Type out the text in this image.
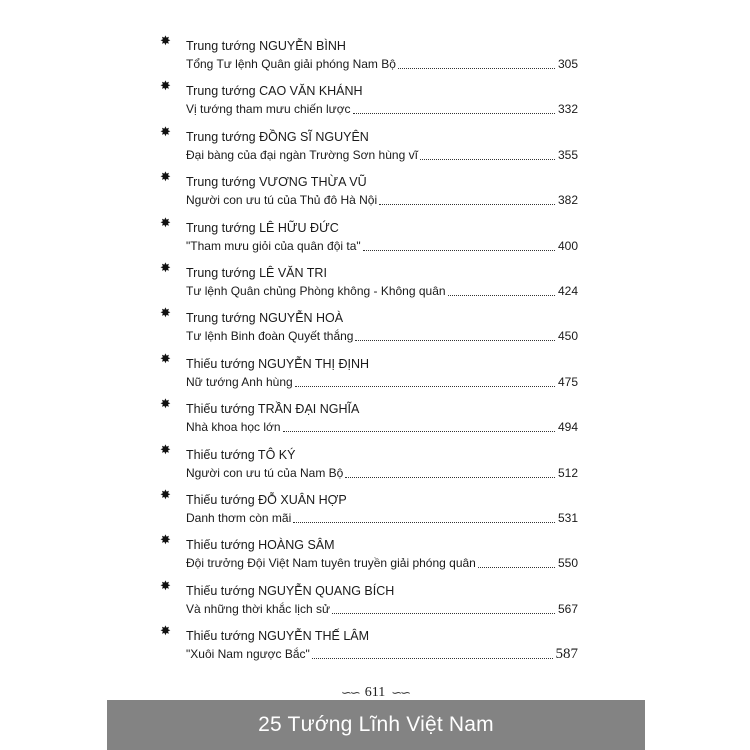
✸ Trung tướng NGUYỄN BÌNH
Tổng Tư lệnh Quân giải phóng Nam Bộ	305
✸ Trung tướng CAO VĂN KHÁNH
Vị tướng tham mưu chiến lược	332
✸ Trung tướng ĐỒNG SĨ NGUYÊN
Đại bàng của đại ngàn Trường Sơn hùng vĩ	355
✸ Trung tướng VƯƠNG THỪA VŨ
Người con ưu tú của Thủ đô Hà Nội	382
✸ Trung tướng LÊ HỮU ĐỨC
"Tham mưu giỏi của quân đội ta"	400
✸ Trung tướng LÊ VĂN TRI
Tư lệnh Quân chủng Phòng không - Không quân	424
✸ Trung tướng NGUYỄN HOÀ
Tư lệnh Binh đoàn Quyết thắng	450
✸ Thiếu tướng NGUYỄN THỊ ĐỊNH
Nữ tướng Anh hùng	475
✸ Thiếu tướng TRẦN ĐẠI NGHĨA
Nhà khoa học lớn	494
✸ Thiếu tướng TÔ KÝ
Người con ưu tú của Nam Bộ	512
✸ Thiếu tướng ĐỖ XUÂN HỢP
Danh thơm còn mãi	531
✸ Thiếu tướng HOÀNG SÂM
Đội trưởng Đội Việt Nam tuyên truyền giải phóng quân	550
✸ Thiếu tướng NGUYỄN QUANG BÍCH
Và những thời khắc lịch sử	567
✸ Thiếu tướng NGUYỄN THẾ LÂM
"Xuôi Nam ngược Bắc"	587
∽∽ 611 ∽∽
25 Tướng Lĩnh Việt Nam
